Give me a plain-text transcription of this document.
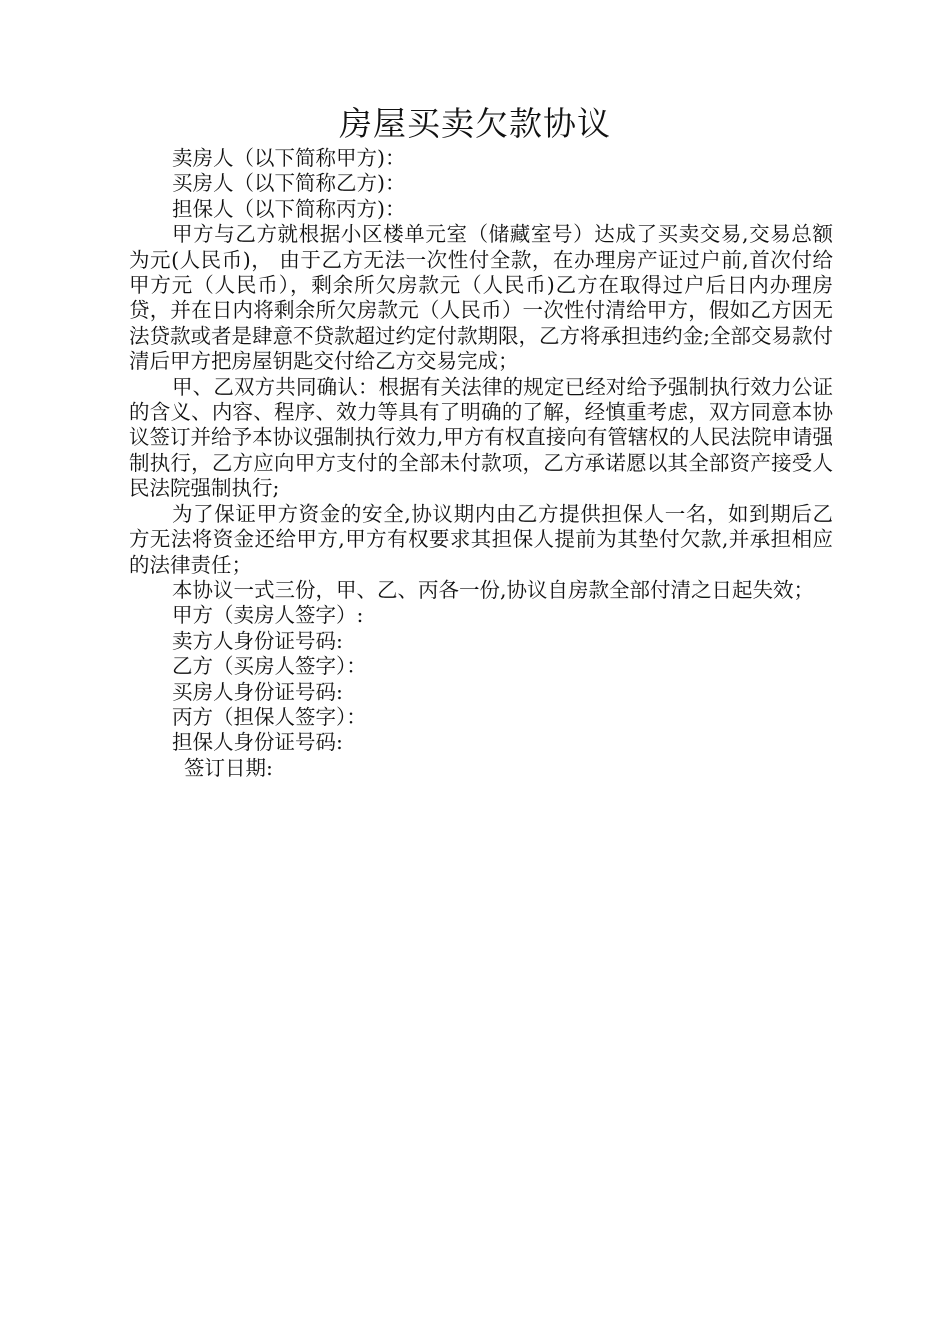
房屋买卖欠款协议
卖房人（以下简称甲方)：
买房人（以下简称乙方)：
担保人（以下简称丙方)：
甲方与乙方就根据小区楼单元室（储藏室号）达成了买卖交易,交易总额为元(人民币)， 由于乙方无法一次性付全款，在办理房产证过户前,首次付给甲方元（人民币），剩余所欠房款元（人民币)乙方在取得过户后日内办理房贷，并在日内将剩余所欠房款元（人民币）一次性付清给甲方，假如乙方因无法贷款或者是肆意不贷款超过约定付款期限，乙方将承担违约金;全部交易款付清后甲方把房屋钥匙交付给乙方交易完成；
甲、乙双方共同确认：根据有关法律的规定已经对给予强制执行效力公证的含义、内容、程序、效力等具有了明确的了解，经慎重考虑，双方同意本协议签订并给予本协议强制执行效力,甲方有权直接向有管辖权的人民法院申请强制执行，乙方应向甲方支付的全部未付款项，乙方承诺愿以其全部资产接受人民法院强制执行;
为了保证甲方资金的安全,协议期内由乙方提供担保人一名，如到期后乙方无法将资金还给甲方,甲方有权要求其担保人提前为其垫付欠款,并承担相应的法律责任；
本协议一式三份，甲、乙、丙各一份,协议自房款全部付清之日起失效；
甲方（卖房人签字）:
卖方人身份证号码:
乙方（买房人签字）：
买房人身份证号码:
丙方（担保人签字）：
担保人身份证号码:
签订日期:
